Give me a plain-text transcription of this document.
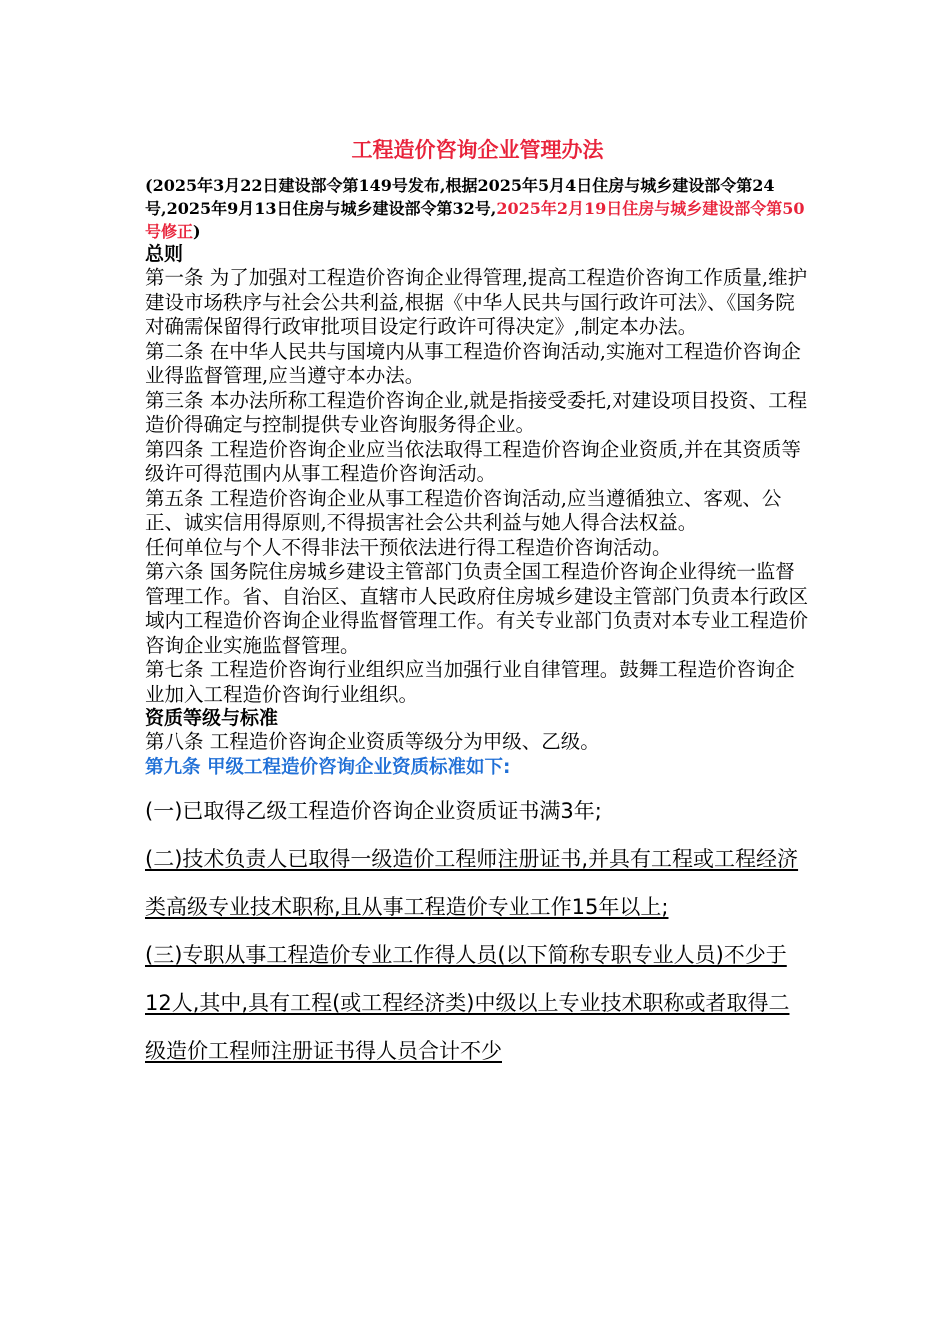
工程造价咨询企业管理办法

(2025年3月22日建设部令第149号发布,根据2025年5月4日住房与城乡建设部令第24号,2025年9月13日住房与城乡建设部令第32号,2025年2月19日住房与城乡建设部令第50号修正)

总则

第一条 为了加强对工程造价咨询企业得管理,提高工程造价咨询工作质量,维护建设市场秩序与社会公共利益,根据《中华人民共与国行政许可法》、《国务院对确需保留得行政审批项目设定行政许可得决定》,制定本办法。

第二条 在中华人民共与国境内从事工程造价咨询活动,实施对工程造价咨询企业得监督管理,应当遵守本办法。

第三条 本办法所称工程造价咨询企业,就是指接受委托,对建设项目投资、工程造价得确定与控制提供专业咨询服务得企业。

第四条 工程造价咨询企业应当依法取得工程造价咨询企业资质,并在其资质等级许可得范围内从事工程造价咨询活动。

第五条 工程造价咨询企业从事工程造价咨询活动,应当遵循独立、客观、公正、诚实信用得原则,不得损害社会公共利益与她人得合法权益。

任何单位与个人不得非法干预依法进行得工程造价咨询活动。

第六条 国务院住房城乡建设主管部门负责全国工程造价咨询企业得统一监督管理工作。省、自治区、直辖市人民政府住房城乡建设主管部门负责本行政区域内工程造价咨询企业得监督管理工作。有关专业部门负责对本专业工程造价咨询企业实施监督管理。

第七条 工程造价咨询行业组织应当加强行业自律管理。鼓舞工程造价咨询企业加入工程造价咨询行业组织。

资质等级与标准

第八条 工程造价咨询企业资质等级分为甲级、乙级。

第九条 甲级工程造价咨询企业资质标准如下:

(一)已取得乙级工程造价咨询企业资质证书满3年;

(二)技术负责人已取得一级造价工程师注册证书,并具有工程或工程经济类高级专业技术职称,且从事工程造价专业工作15年以上;

(三)专职从事工程造价专业工作得人员(以下简称专职专业人员)不少于12人,其中,具有工程(或工程经济类)中级以上专业技术职称或者取得二级造价工程师注册证书得人员合计不少
